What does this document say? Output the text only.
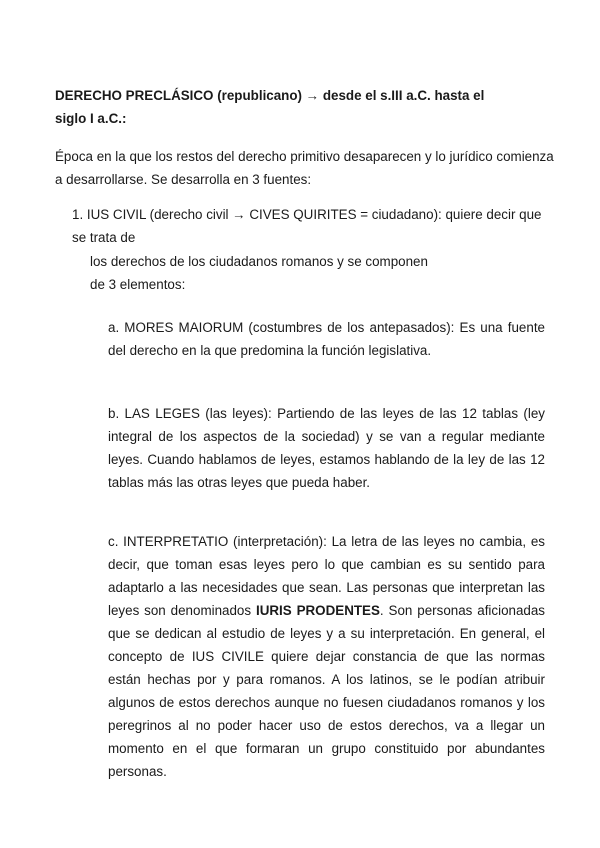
DERECHO PRECLÁSICO (republicano) → desde el s.III a.C. hasta el
siglo I a.C.:

Época en la que los restos del derecho primitivo desaparecen y lo jurídico comienza
a desarrollarse. Se desarrolla en 3 fuentes:

1. IUS CIVIL (derecho civil → CIVES QUIRITES = ciudadano): quiere decir que
se trata de

los derechos de los ciudadanos romanos y se componen
de 3 elementos:

a. MORES MAIORUM (costumbres de los antepasados): Es una fuente del derecho en la que predomina la función legislativa.

b. LAS LEGES (las leyes): Partiendo de las leyes de las 12 tablas (ley integral de los aspectos de la sociedad) y se van a regular mediante leyes. Cuando hablamos de leyes, estamos hablando de la ley de las 12 tablas más las otras leyes que pueda haber.

c. INTERPRETATIO (interpretación): La letra de las leyes no cambia, es decir, que toman esas leyes pero lo que cambian es su sentido para adaptarlo a las necesidades que sean. Las personas que interpretan las leyes son denominados IURIS PRODENTES. Son personas aficionadas que se dedican al estudio de leyes y a su interpretación. En general, el concepto de IUS CIVILE quiere dejar constancia de que las normas están hechas por y para romanos. A los latinos, se le podían atribuir algunos de estos derechos aunque no fuesen ciudadanos romanos y los peregrinos al no poder hacer uso de estos derechos, va a llegar un momento en el que formaran un grupo constituido por abundantes personas.
